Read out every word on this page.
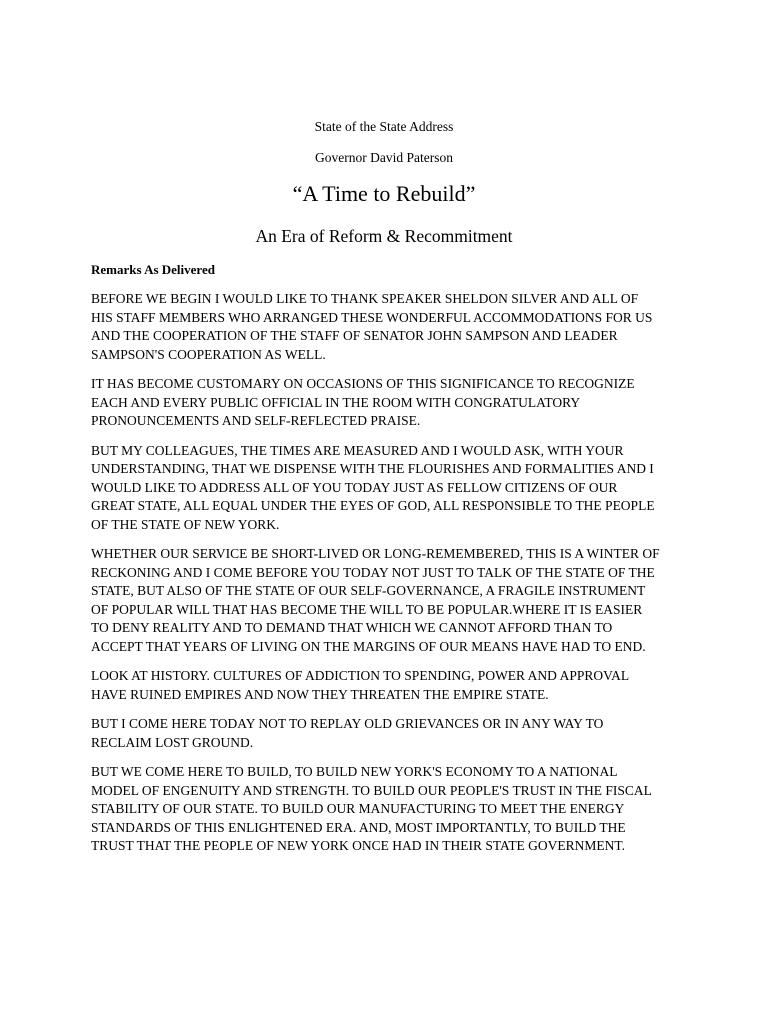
State of the State Address
Governor David Paterson
“A Time to Rebuild”
An Era of Reform & Recommitment
Remarks As Delivered

BEFORE WE BEGIN I WOULD LIKE TO THANK SPEAKER SHELDON SILVER AND ALL OF
HIS STAFF MEMBERS WHO ARRANGED THESE WONDERFUL ACCOMMODATIONS FOR US
AND THE COOPERATION OF THE STAFF OF SENATOR JOHN SAMPSON AND LEADER
SAMPSON'S COOPERATION AS WELL.

IT HAS BECOME CUSTOMARY ON OCCASIONS OF THIS SIGNIFICANCE TO RECOGNIZE
EACH AND EVERY PUBLIC OFFICIAL IN THE ROOM WITH CONGRATULATORY
PRONOUNCEMENTS AND SELF-REFLECTED PRAISE.

BUT MY COLLEAGUES, THE TIMES ARE MEASURED AND I WOULD ASK, WITH YOUR
UNDERSTANDING, THAT WE DISPENSE WITH THE FLOURISHES AND FORMALITIES AND I
WOULD LIKE TO ADDRESS ALL OF YOU TODAY JUST AS FELLOW CITIZENS OF OUR
GREAT STATE, ALL EQUAL UNDER THE EYES OF GOD, ALL RESPONSIBLE TO THE PEOPLE
OF THE STATE OF NEW YORK.

WHETHER OUR SERVICE BE SHORT-LIVED OR LONG-REMEMBERED, THIS IS A WINTER OF
RECKONING AND I COME BEFORE YOU TODAY NOT JUST TO TALK OF THE STATE OF THE
STATE, BUT ALSO OF THE STATE OF OUR SELF-GOVERNANCE, A FRAGILE INSTRUMENT
OF POPULAR WILL THAT HAS BECOME THE WILL TO BE POPULAR.WHERE IT IS EASIER
TO DENY REALITY AND TO DEMAND THAT WHICH WE CANNOT AFFORD THAN TO
ACCEPT THAT YEARS OF LIVING ON THE MARGINS OF OUR MEANS HAVE HAD TO END.

LOOK AT HISTORY. CULTURES OF ADDICTION TO SPENDING, POWER AND APPROVAL
HAVE RUINED EMPIRES AND NOW THEY THREATEN THE EMPIRE STATE.

BUT I COME HERE TODAY NOT TO REPLAY OLD GRIEVANCES OR IN ANY WAY TO
RECLAIM LOST GROUND.

BUT WE COME HERE TO BUILD, TO BUILD NEW YORK'S ECONOMY TO A NATIONAL
MODEL OF ENGENUITY AND STRENGTH. TO BUILD OUR PEOPLE'S TRUST IN THE FISCAL
STABILITY OF OUR STATE. TO BUILD OUR MANUFACTURING TO MEET THE ENERGY
STANDARDS OF THIS ENLIGHTENED ERA. AND, MOST IMPORTANTLY, TO BUILD THE
TRUST THAT THE PEOPLE OF NEW YORK ONCE HAD IN THEIR STATE GOVERNMENT.
